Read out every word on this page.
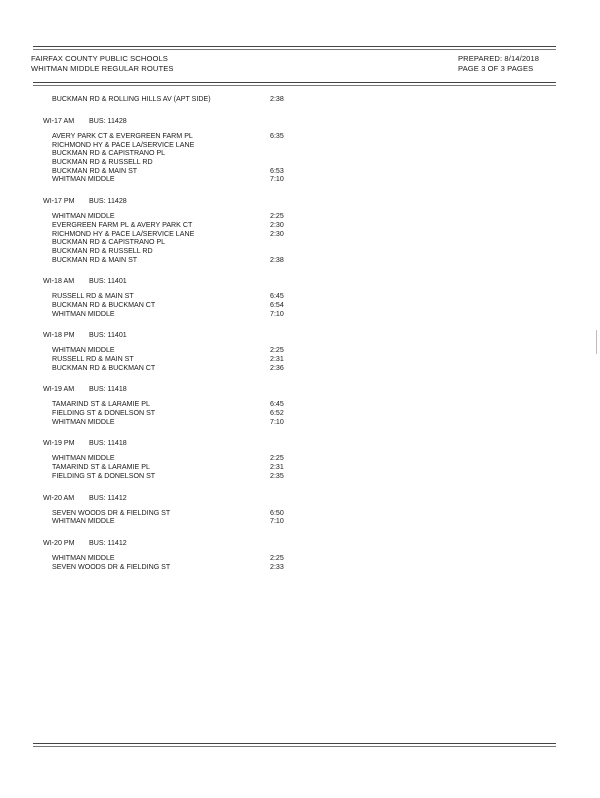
FAIRFAX COUNTY PUBLIC SCHOOLS
WHITMAN MIDDLE REGULAR ROUTES
PREPARED: 8/14/2018
PAGE 3 OF 3 PAGES
BUCKMAN RD & ROLLING HILLS AV (APT SIDE)	2:38
WI-17 AM BUS: 11428
AVERY PARK CT & EVERGREEN FARM PL	6:35
RICHMOND HY & PACE LA/SERVICE LANE
BUCKMAN RD & CAPISTRANO PL
BUCKMAN RD & RUSSELL RD
BUCKMAN RD & MAIN ST	6:53
WHITMAN MIDDLE	7:10
WI-17 PM BUS: 11428
WHITMAN MIDDLE	2:25
EVERGREEN FARM PL & AVERY PARK CT	2:30
RICHMOND HY & PACE LA/SERVICE LANE	2:30
BUCKMAN RD & CAPISTRANO PL
BUCKMAN RD & RUSSELL RD
BUCKMAN RD & MAIN ST	2:38
WI-18 AM BUS: 11401
RUSSELL RD & MAIN ST	6:45
BUCKMAN RD & BUCKMAN CT	6:54
WHITMAN MIDDLE	7:10
WI-18 PM BUS: 11401
WHITMAN MIDDLE	2:25
RUSSELL RD & MAIN ST	2:31
BUCKMAN RD & BUCKMAN CT	2:36
WI-19 AM BUS: 11418
TAMARIND ST & LARAMIE PL	6:45
FIELDING ST & DONELSON ST	6:52
WHITMAN MIDDLE	7:10
WI-19 PM BUS: 11418
WHITMAN MIDDLE	2:25
TAMARIND ST & LARAMIE PL	2:31
FIELDING ST & DONELSON ST	2:35
WI-20 AM BUS: 11412
SEVEN WOODS DR & FIELDING ST	6:50
WHITMAN MIDDLE	7:10
WI-20 PM BUS: 11412
WHITMAN MIDDLE	2:25
SEVEN WOODS DR & FIELDING ST	2:33
